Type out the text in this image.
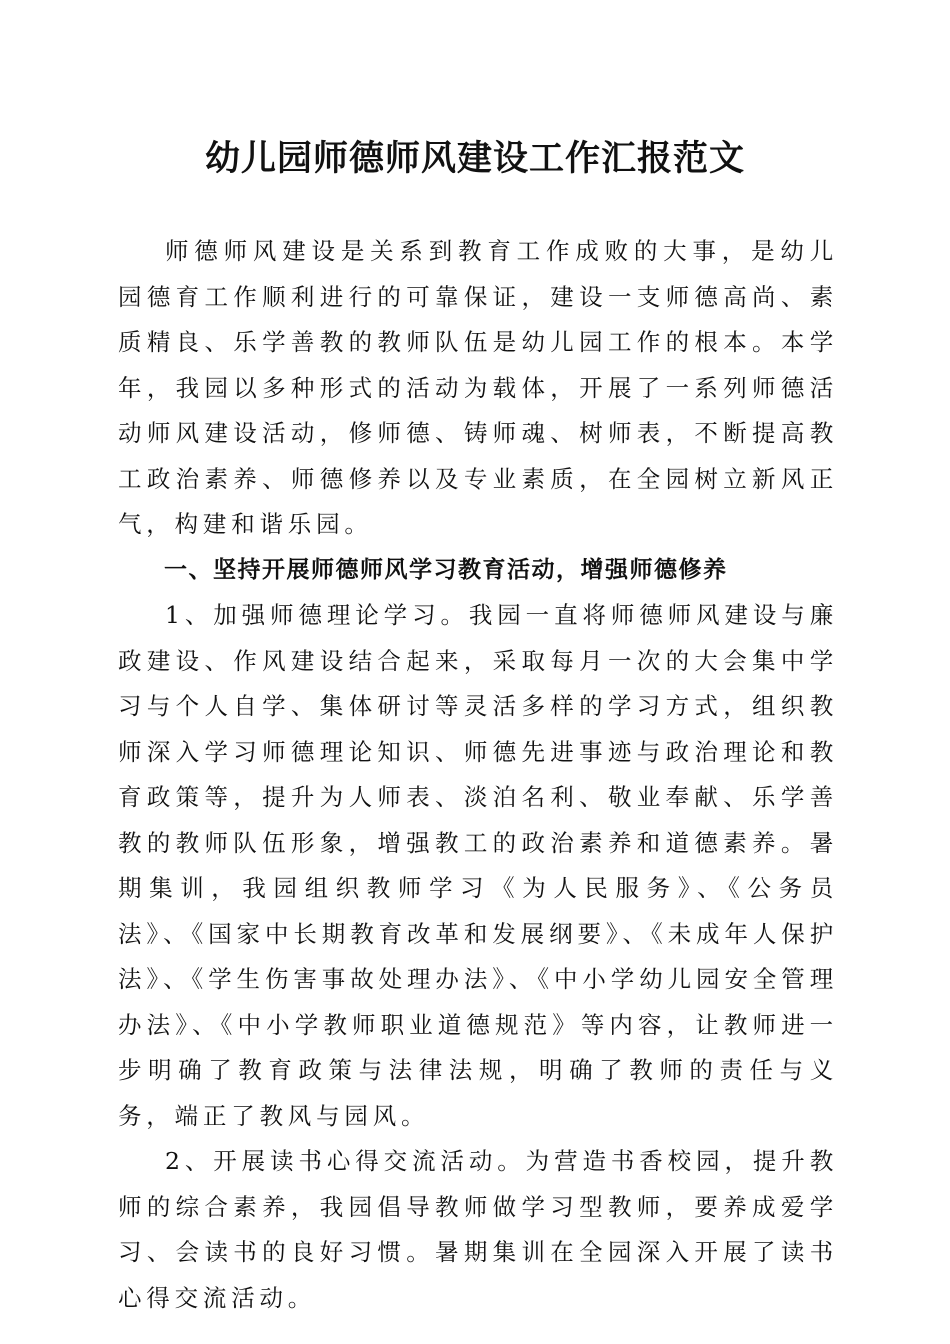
幼儿园师德师风建设工作汇报范文

师德师风建设是关系到教育工作成败的大事，是幼儿园德育工作顺利进行的可靠保证，建设一支师德高尚、素质精良、乐学善教的教师队伍是幼儿园工作的根本。本学年，我园以多种形式的活动为载体，开展了一系列师德活动师风建设活动，修师德、铸师魂、树师表，不断提高教工政治素养、师德修养以及专业素质，在全园树立新风正气，构建和谐乐园。

一、坚持开展师德师风学习教育活动，增强师德修养

1、加强师德理论学习。我园一直将师德师风建设与廉政建设、作风建设结合起来，采取每月一次的大会集中学习与个人自学、集体研讨等灵活多样的学习方式，组织教师深入学习师德理论知识、师德先进事迹与政治理论和教育政策等，提升为人师表、淡泊名利、敬业奉献、乐学善教的教师队伍形象，增强教工的政治素养和道德素养。暑期集训，我园组织教师学习《为人民服务》、《公务员法》、《国家中长期教育改革和发展纲要》、《未成年人保护法》、《学生伤害事故处理办法》、《中小学幼儿园安全管理办法》、《中小学教师职业道德规范》等内容，让教师进一步明确了教育政策与法律法规，明确了教师的责任与义务，端正了教风与园风。

2、开展读书心得交流活动。为营造书香校园，提升教师的综合素养，我园倡导教师做学习型教师，要养成爱学习、会读书的良好习惯。暑期集训在全园深入开展了读书心得交流活动。
